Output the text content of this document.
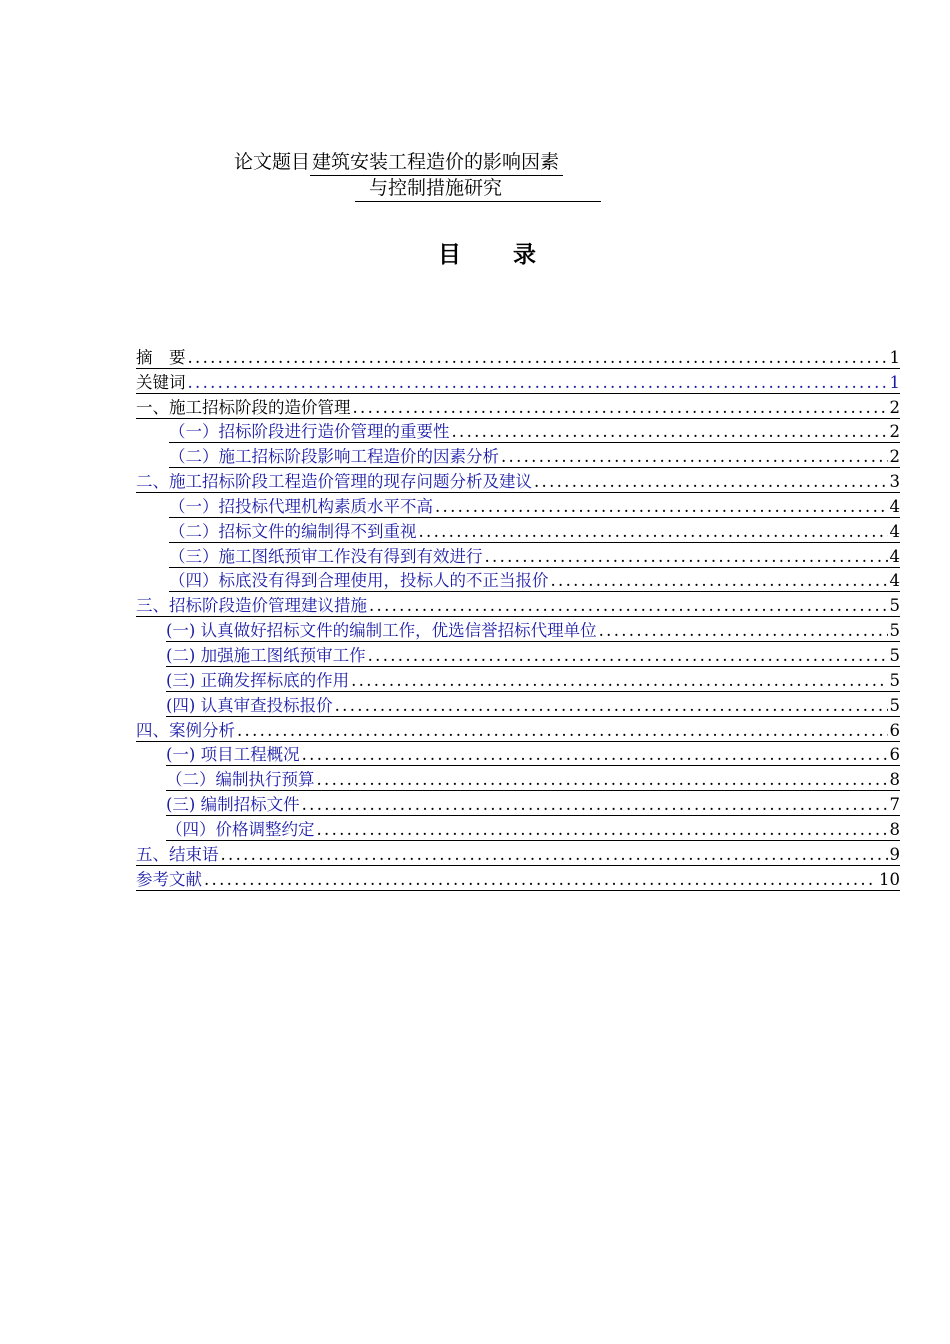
论文题目 建筑安装工程造价的影响因素
与控制措施研究
目 录
摘　要 .....	1
关键词 .....	1
一、施工招标阶段的造价管理 .....	2
（一）招标阶段进行造价管理的重要性 .....	2
（二）施工招标阶段影响工程造价的因素分析 .....	2
二、施工招标阶段工程造价管理的现存问题分析及建议 .....	3
（一）招投标代理机构素质水平不高 .....	4
（二）招标文件的编制得不到重视 .....	4
（三）施工图纸预审工作没有得到有效进行 .....	4
（四）标底没有得到合理使用，投标人的不正当报价 .....	4
三、招标阶段造价管理建议措施 .....	5
(一) 认真做好招标文件的编制工作，优选信誉招标代理单位 .....	5
(二) 加强施工图纸预审工作 .....	5
(三) 正确发挥标底的作用 .....	5
(四) 认真审查投标报价 .....	5
四、案例分析 .....	6
(一) 项目工程概况 .....	6
（二）编制执行预算 .....	8
(三) 编制招标文件 .....	7
（四）价格调整约定 .....	8
五、结束语 .....	9
参考文献 .....	10
